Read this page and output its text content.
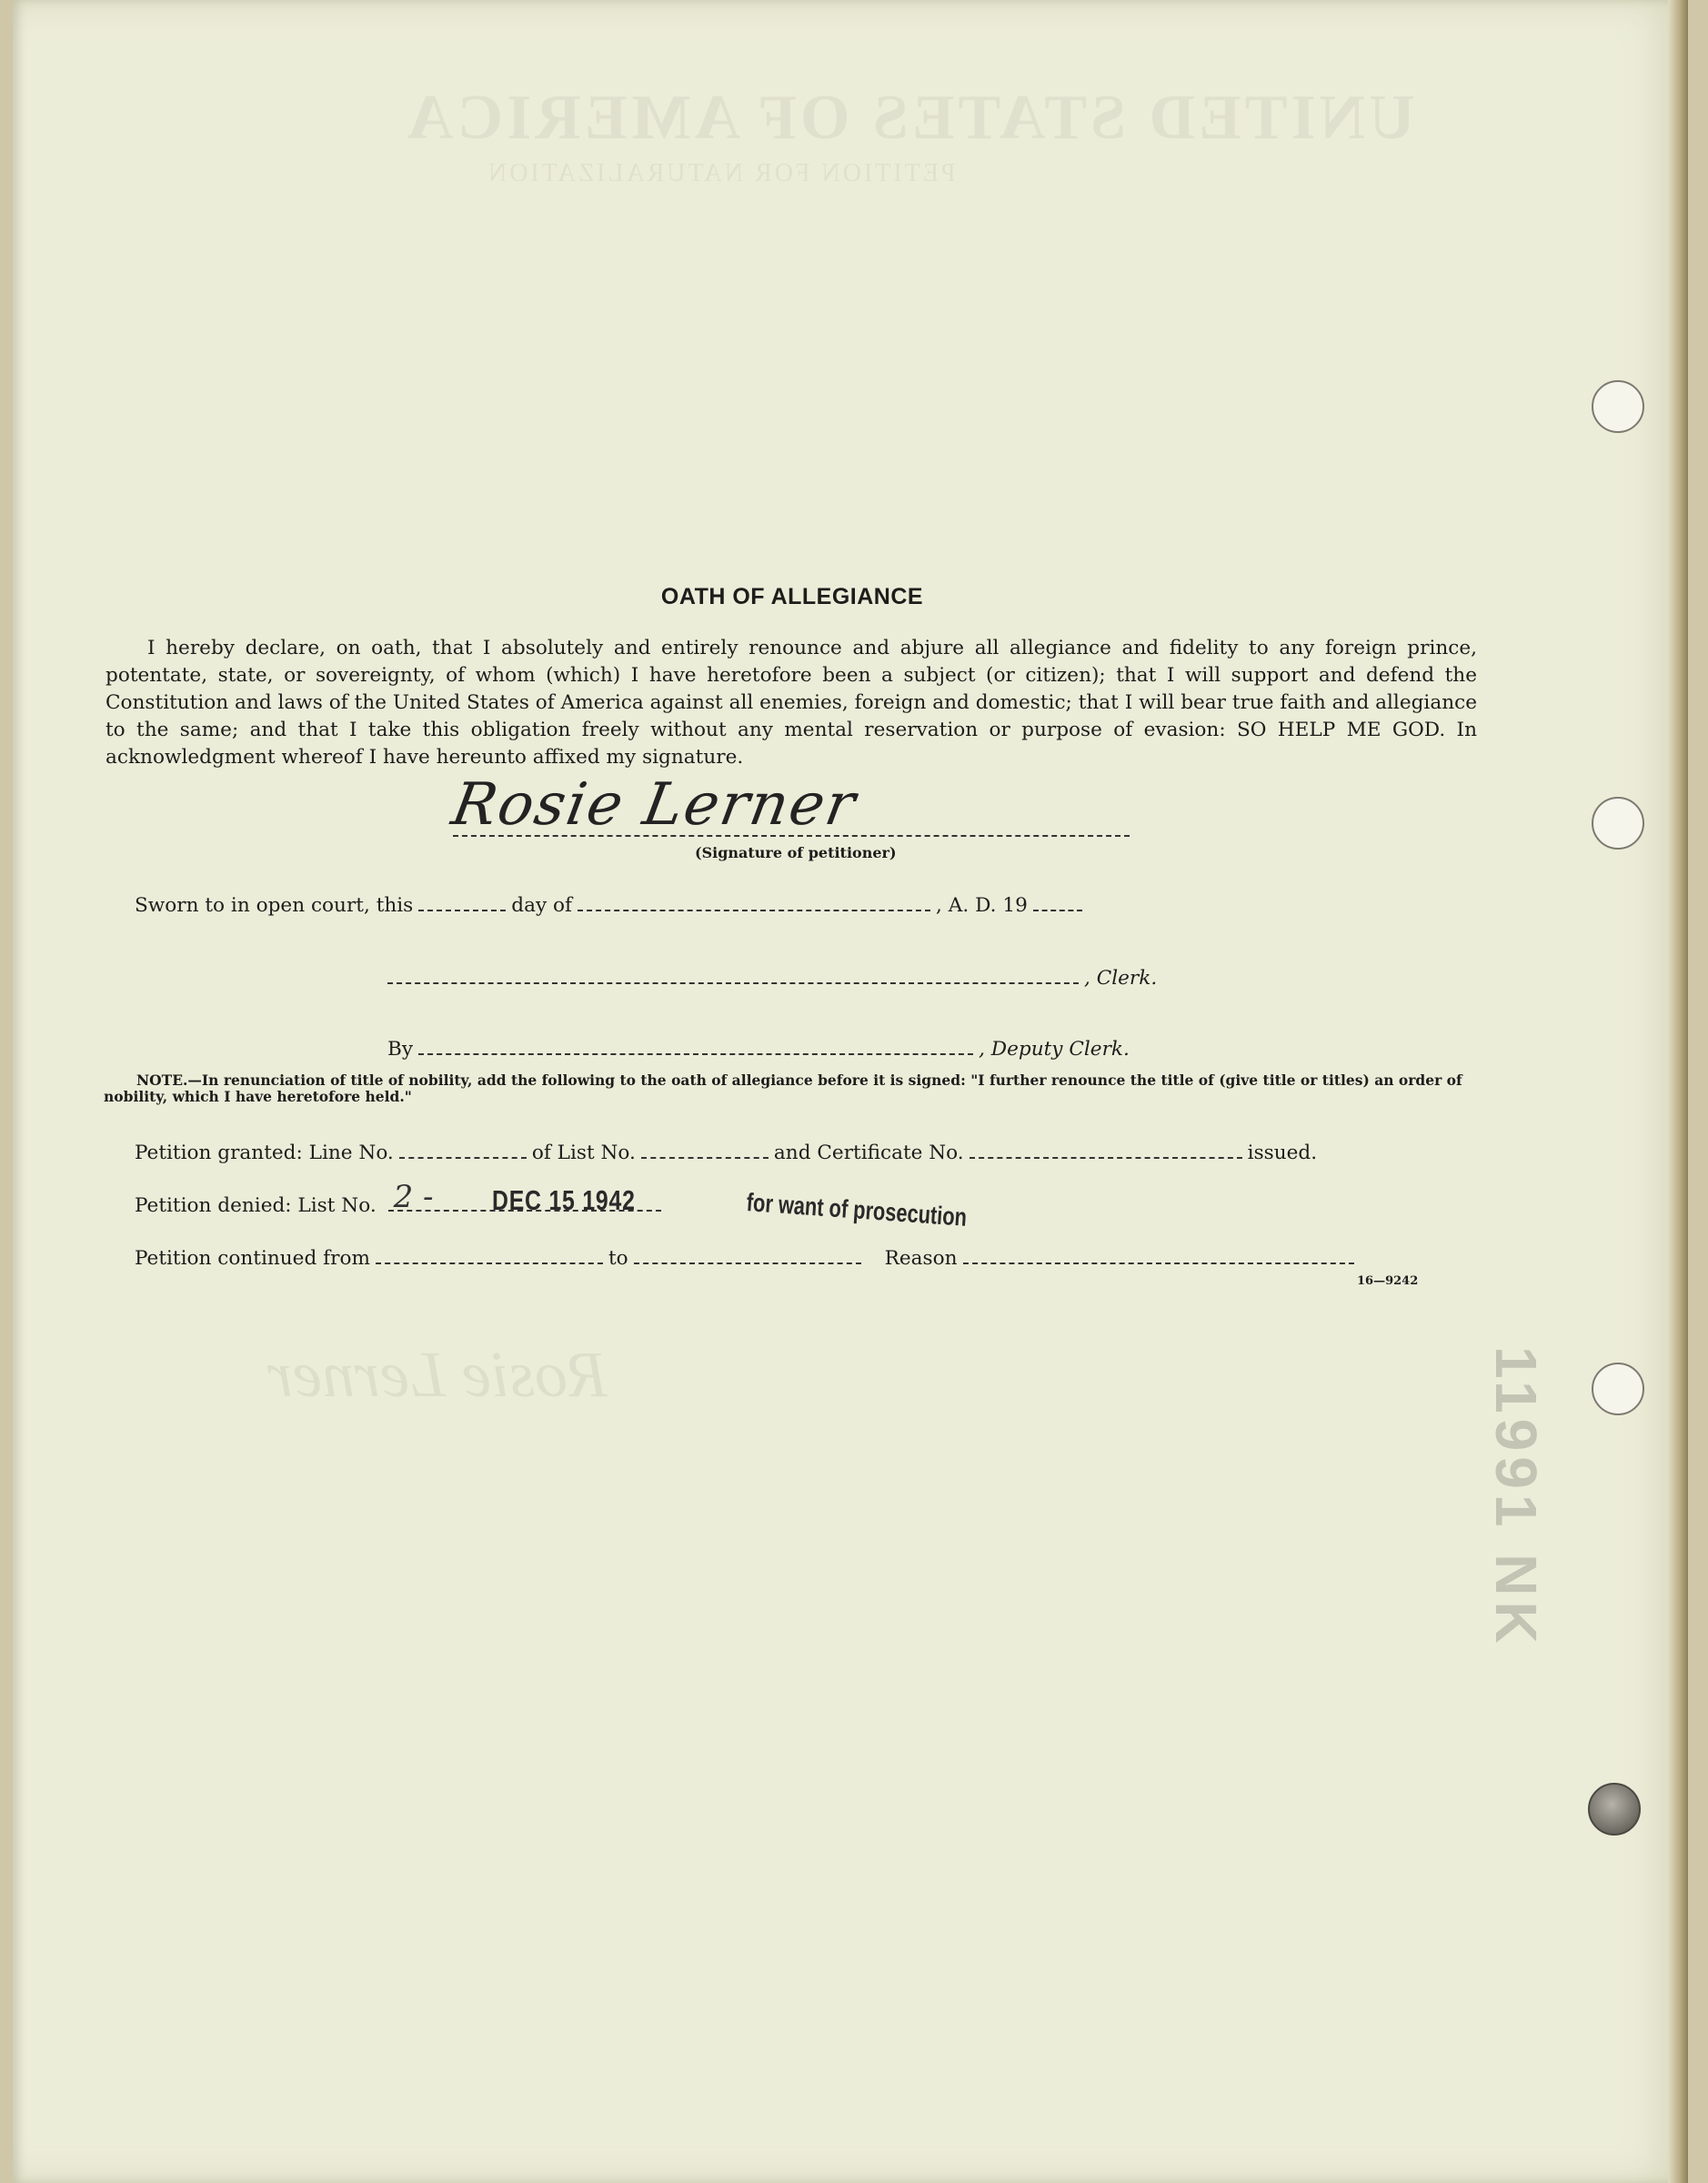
UNITED STATES OF AMERICA
PETITION FOR NATURALIZATION
Rosie Lerner	11991 NK
OATH OF ALLEGIANCE
I hereby declare, on oath, that I absolutely and entirely renounce and abjure all allegiance and fidelity to any foreign prince, potentate, state, or sovereignty, of whom (which) I have heretofore been a subject (or citizen); that I will support and defend the Constitution and laws of the United States of America against all enemies, foreign and domestic; that I will bear true faith and allegiance to the same; and that I take this obligation freely without any mental reservation or purpose of evasion: SO HELP ME GOD. In acknowledgment whereof I have hereunto affixed my signature.
Rosie Lerner
(Signature of petitioner)
Sworn to in open court, this	day of	, A. D. 19
, Clerk.
By	, Deputy Clerk.
NOTE.—In renunciation of title of nobility, add the following to the oath of allegiance before it is signed: "I further renounce the title of (give title or titles) an order of nobility, which I have heretofore held."
Petition granted: Line No.	of List No.	and Certificate No.	issued.
Petition denied: List No. 2 - DEC 15 1942	for want of prosecution
Petition continued from	to	Reason
16—9242
